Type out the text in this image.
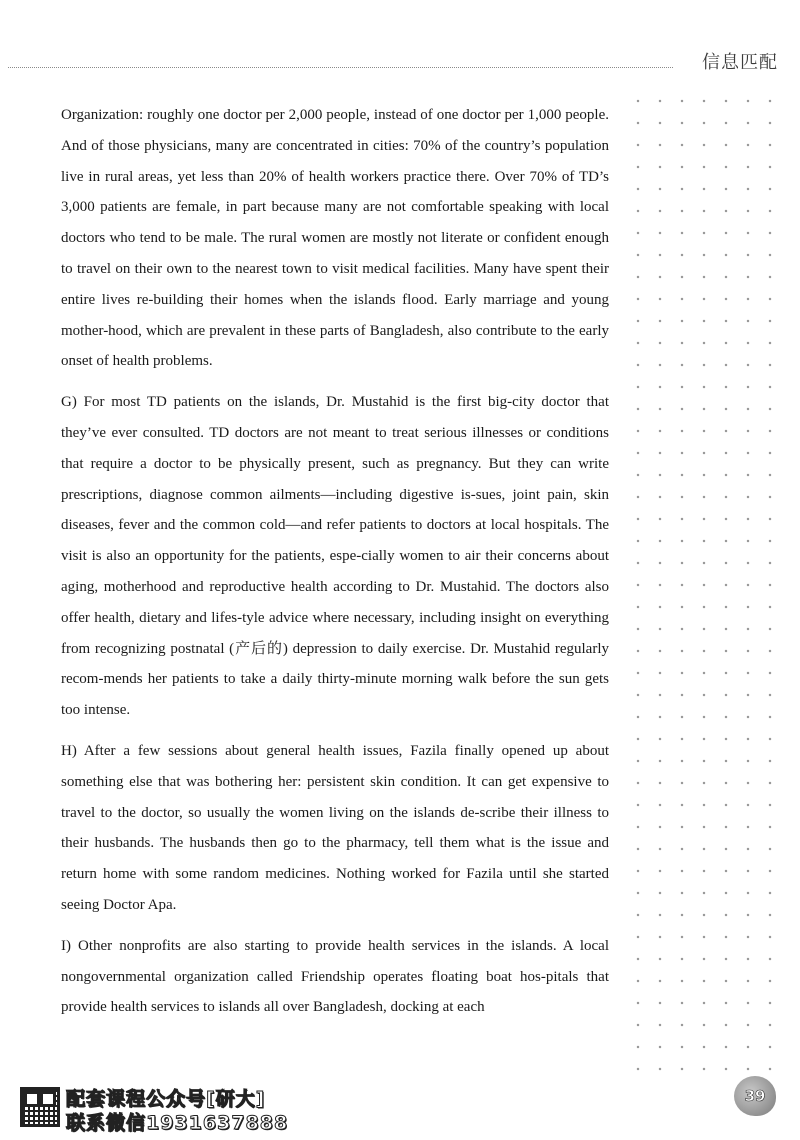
信息匹配

Organization: roughly one doctor per 2,000 people, instead of one doctor per 1,000 people. And of those physicians, many are concentrated in cities: 70% of the country’s population live in rural areas, yet less than 20% of health workers practice there. Over 70% of TD’s 3,000 patients are female, in part because many are not comfortable speaking with local doctors who tend to be male. The rural women are mostly not literate or confident enough to travel on their own to the nearest town to visit medical facilities. Many have spent their entire lives re-building their homes when the islands flood. Early marriage and young mother-hood, which are prevalent in these parts of Bangladesh, also contribute to the early onset of health problems.

G) For most TD patients on the islands, Dr. Mustahid is the first big-city doctor that they’ve ever consulted. TD doctors are not meant to treat serious illnesses or conditions that require a doctor to be physically present, such as pregnancy. But they can write prescriptions, diagnose common ailments—including digestive is-sues, joint pain, skin diseases, fever and the common cold—and refer patients to doctors at local hospitals. The visit is also an opportunity for the patients, espe-cially women to air their concerns about aging, motherhood and reproductive health according to Dr. Mustahid. The doctors also offer health, dietary and lifes-tyle advice where necessary, including insight on everything from recognizing postnatal (产后的) depression to daily exercise. Dr. Mustahid regularly recom-mends her patients to take a daily thirty-minute morning walk before the sun gets too intense.

H) After a few sessions about general health issues, Fazila finally opened up about something else that was bothering her: persistent skin condition. It can get expensive to travel to the doctor, so usually the women living on the islands de-scribe their illness to their husbands. The husbands then go to the pharmacy, tell them what is the issue and return home with some random medicines. Nothing worked for Fazila until she started seeing Doctor Apa.

I) Other nonprofits are also starting to provide health services in the islands. A local nongovernmental organization called Friendship operates floating boat hos-pitals that provide health services to islands all over Bangladesh, docking at each

配套课程公众号[研大]
联系微信1931637888
39
